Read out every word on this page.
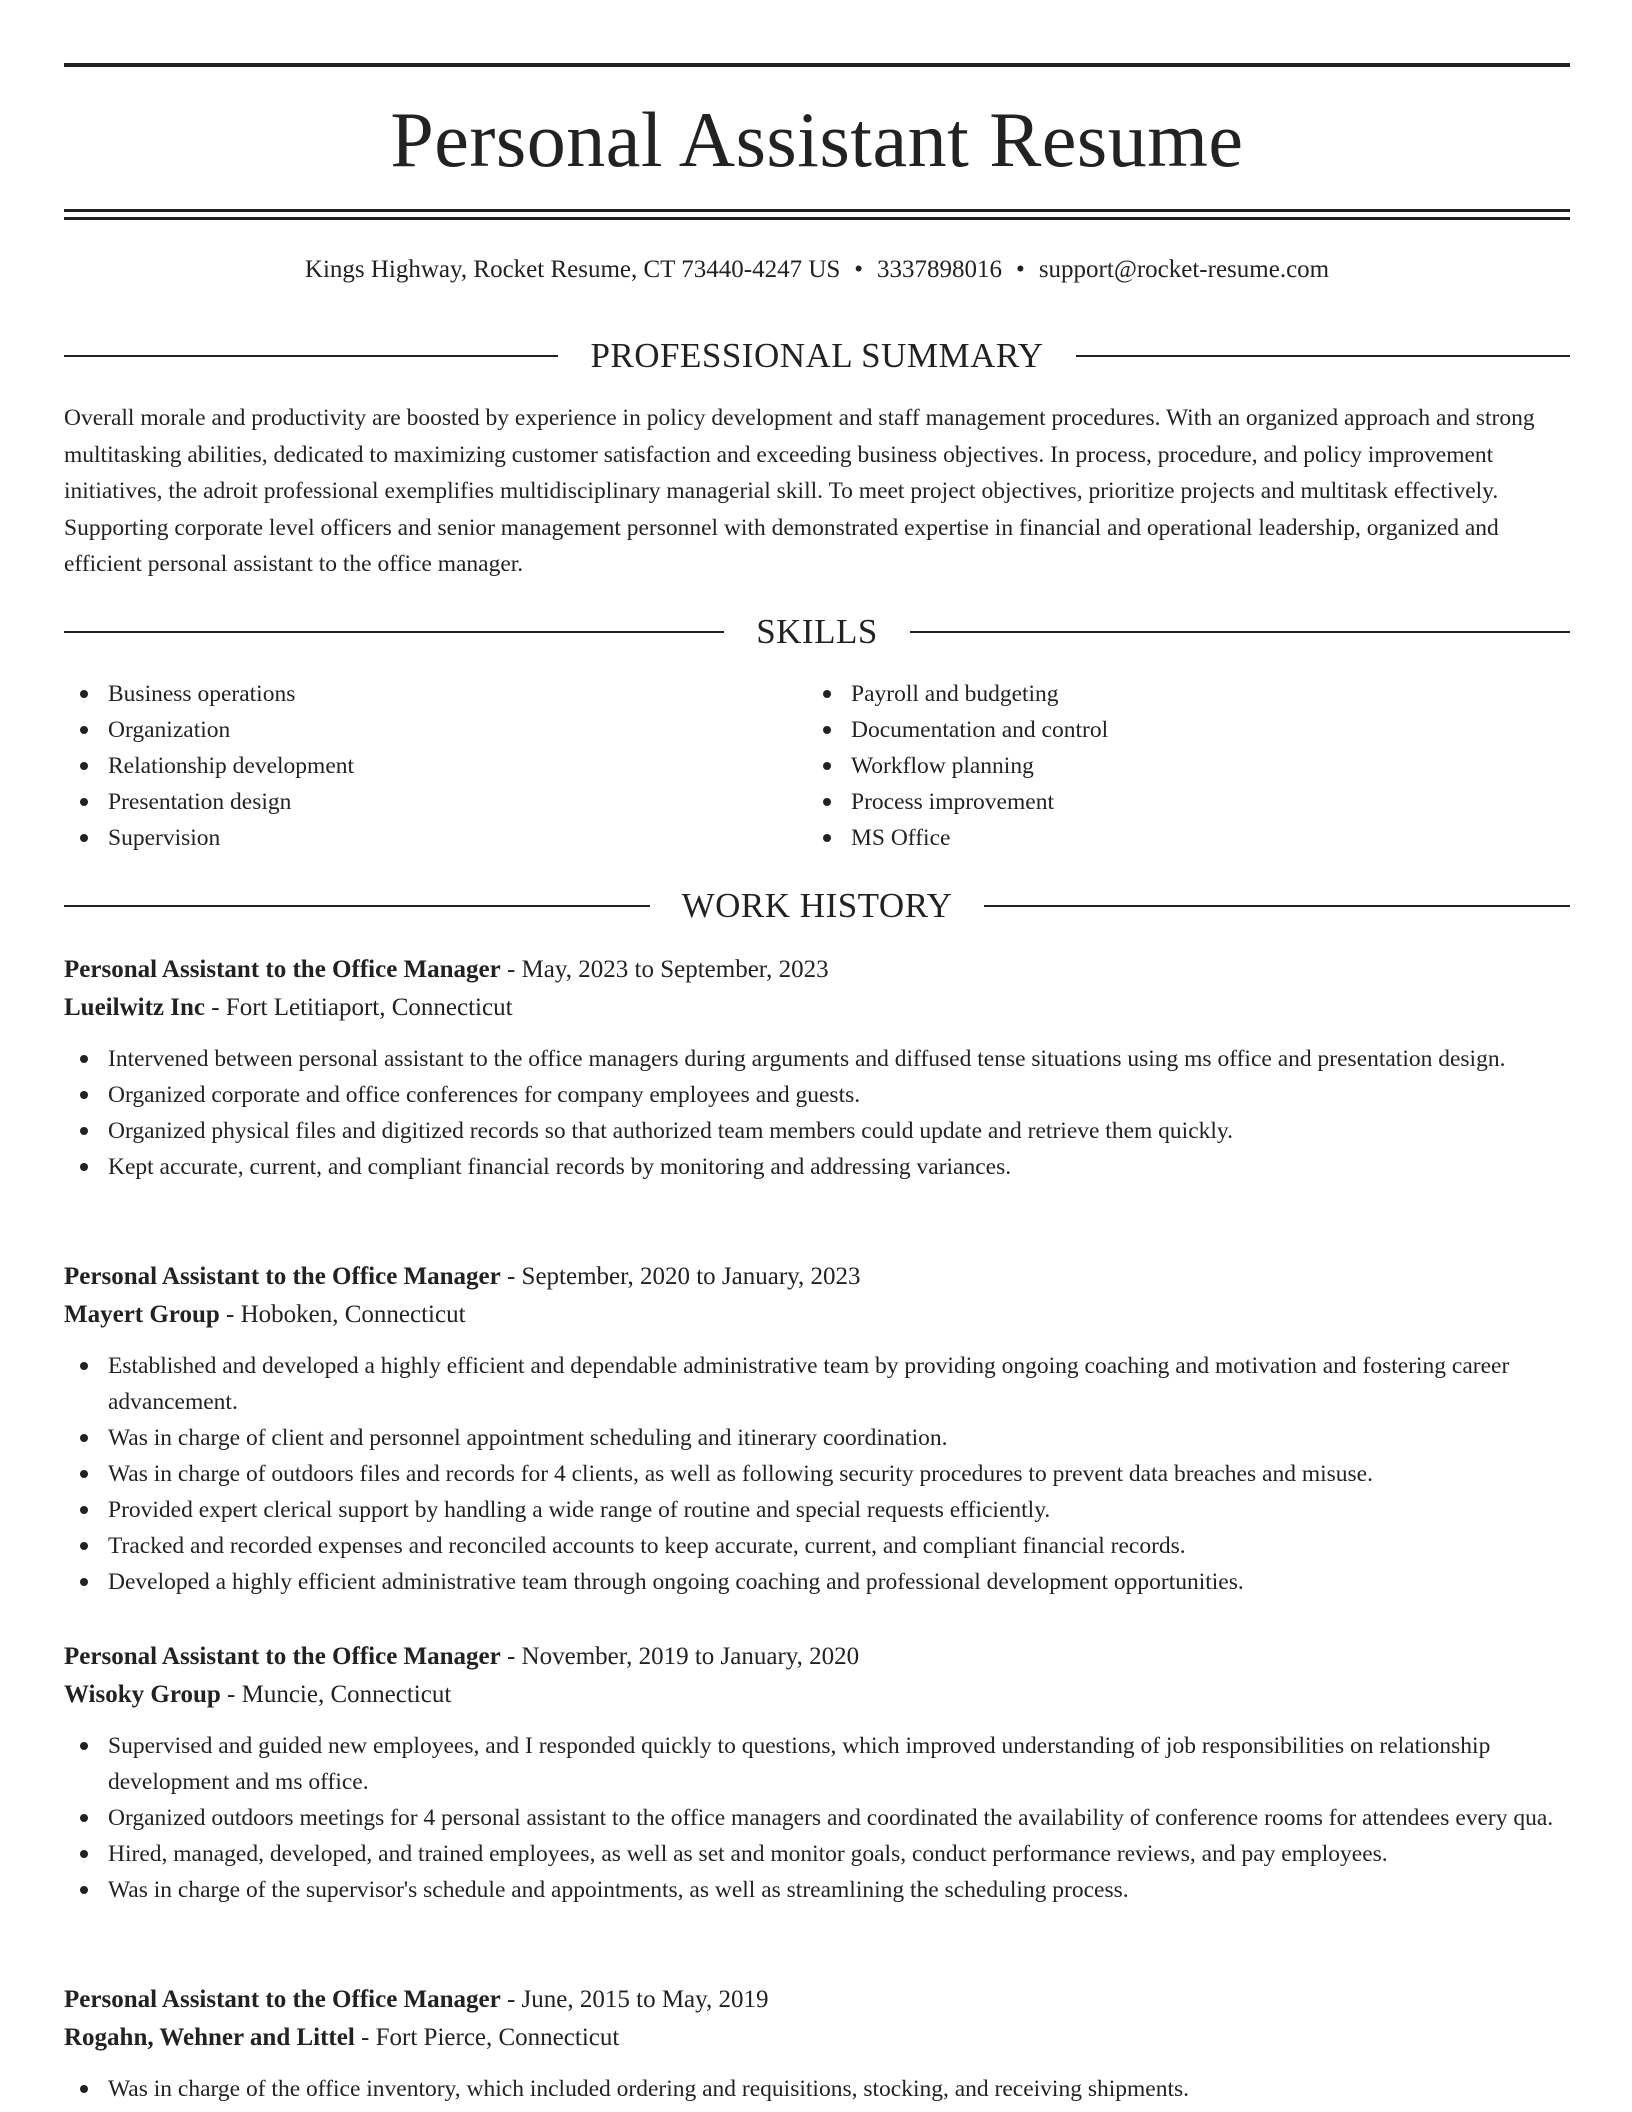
Personal Assistant Resume
Kings Highway, Rocket Resume, CT 73440-4247 US • 3337898016 • support@rocket-resume.com
PROFESSIONAL SUMMARY

Overall morale and productivity are boosted by experience in policy development and staff management procedures. With an organized approach and strong multitasking abilities, dedicated to maximizing customer satisfaction and exceeding business objectives. In process, procedure, and policy improvement initiatives, the adroit professional exemplifies multidisciplinary managerial skill. To meet project objectives, prioritize projects and multitask effectively. Supporting corporate level officers and senior management personnel with demonstrated expertise in financial and operational leadership, organized and efficient personal assistant to the office manager.

SKILLS
Business operations
Organization
Relationship development
Presentation design
Supervision
Payroll and budgeting
Documentation and control
Workflow planning
Process improvement
MS Office
WORK HISTORY
Personal Assistant to the Office Manager - May, 2023 to September, 2023
Lueilwitz Inc - Fort Letitiaport, Connecticut
Intervened between personal assistant to the office managers during arguments and diffused tense situations using ms office and presentation design.
Organized corporate and office conferences for company employees and guests.
Organized physical files and digitized records so that authorized team members could update and retrieve them quickly.
Kept accurate, current, and compliant financial records by monitoring and addressing variances.
Personal Assistant to the Office Manager - September, 2020 to January, 2023
Mayert Group - Hoboken, Connecticut
Established and developed a highly efficient and dependable administrative team by providing ongoing coaching and motivation and fostering career advancement.
Was in charge of client and personnel appointment scheduling and itinerary coordination.
Was in charge of outdoors files and records for 4 clients, as well as following security procedures to prevent data breaches and misuse.
Provided expert clerical support by handling a wide range of routine and special requests efficiently.
Tracked and recorded expenses and reconciled accounts to keep accurate, current, and compliant financial records.
Developed a highly efficient administrative team through ongoing coaching and professional development opportunities.
Personal Assistant to the Office Manager - November, 2019 to January, 2020
Wisoky Group - Muncie, Connecticut
Supervised and guided new employees, and I responded quickly to questions, which improved understanding of job responsibilities on relationship development and ms office.
Organized outdoors meetings for 4 personal assistant to the office managers and coordinated the availability of conference rooms for attendees every qua.
Hired, managed, developed, and trained employees, as well as set and monitor goals, conduct performance reviews, and pay employees.
Was in charge of the supervisor's schedule and appointments, as well as streamlining the scheduling process.
Personal Assistant to the Office Manager - June, 2015 to May, 2019
Rogahn, Wehner and Littel - Fort Pierce, Connecticut
Was in charge of the office inventory, which included ordering and requisitions, stocking, and receiving shipments.
